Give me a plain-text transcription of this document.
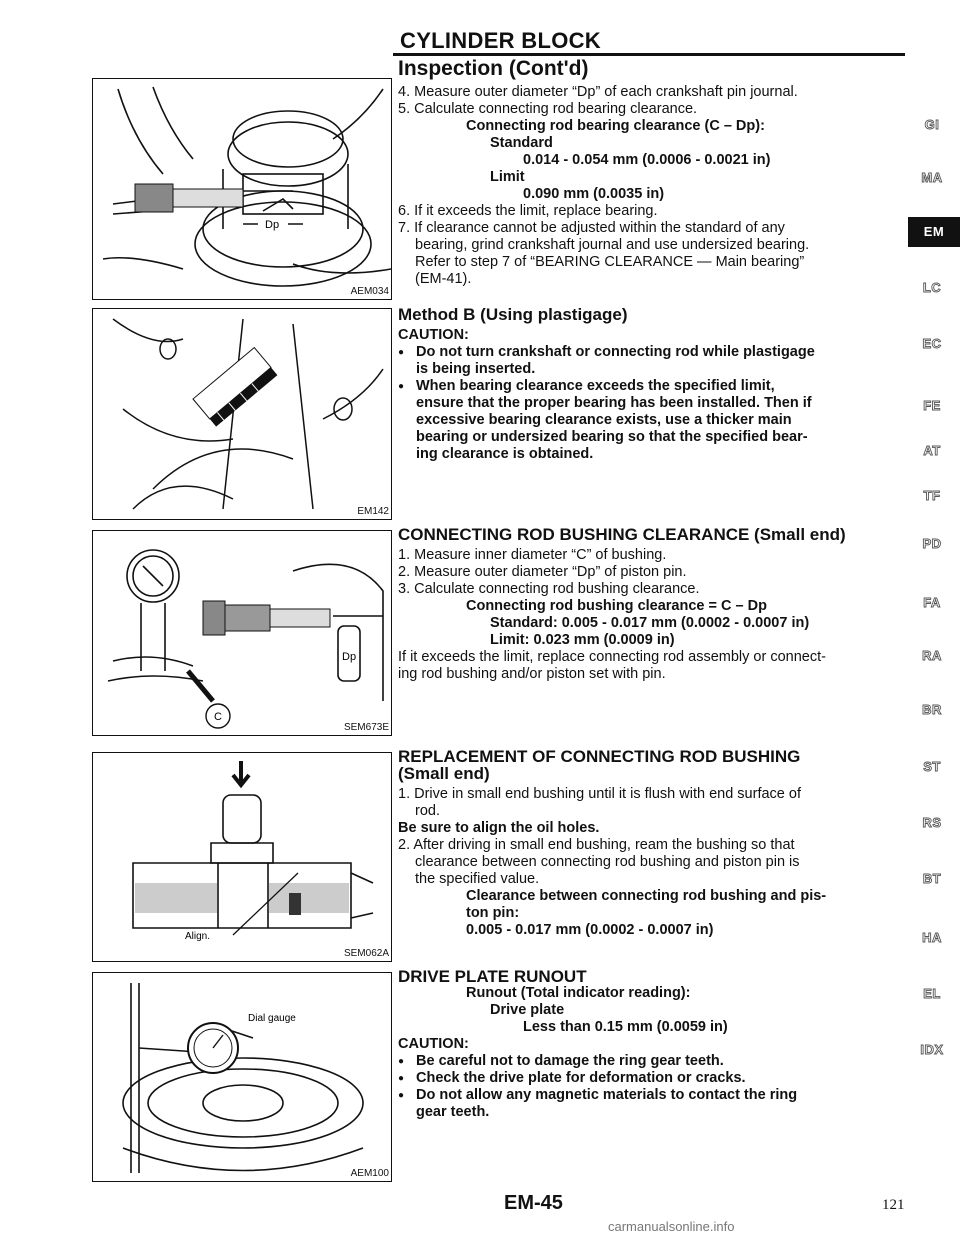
CYLINDER BLOCK
Inspection (Cont'd)
Dp
AEM034
EM142
C
Dp
SEM673E
Align.
SEM062A
Dial gauge
AEM100
4. Measure outer diameter “Dp” of each crankshaft pin journal.
5. Calculate connecting rod bearing clearance.
Connecting rod bearing clearance (C – Dp):
Standard
0.014 - 0.054 mm (0.0006 - 0.0021 in)
Limit
0.090 mm (0.0035 in)
6. If it exceeds the limit, replace bearing.
7. If clearance cannot be adjusted within the standard of any
bearing, grind crankshaft journal and use undersized bearing.
Refer to step 7 of “BEARING CLEARANCE — Main bearing”
(EM-41).
Method B (Using plastigage)
CAUTION:
● Do not turn crankshaft or connecting rod while plastigage
is being inserted.
● When bearing clearance exceeds the specified limit,
ensure that the proper bearing has been installed. Then if
excessive bearing clearance exists, use a thicker main
bearing or undersized bearing so that the specified bear-
ing clearance is obtained.
CONNECTING ROD BUSHING CLEARANCE (Small end)
1. Measure inner diameter “C” of bushing.
2. Measure outer diameter “Dp” of piston pin.
3. Calculate connecting rod bushing clearance.
Connecting rod bushing clearance = C – Dp
Standard: 0.005 - 0.017 mm (0.0002 - 0.0007 in)
Limit: 0.023 mm (0.0009 in)
If it exceeds the limit, replace connecting rod assembly or connect-
ing rod bushing and/or piston set with pin.
REPLACEMENT OF CONNECTING ROD BUSHING
(Small end)
1. Drive in small end bushing until it is flush with end surface of
rod.
Be sure to align the oil holes.
2. After driving in small end bushing, ream the bushing so that
clearance between connecting rod bushing and piston pin is
the specified value.
Clearance between connecting rod bushing and pis-
ton pin:
0.005 - 0.017 mm (0.0002 - 0.0007 in)
DRIVE PLATE RUNOUT
Runout (Total indicator reading):
Drive plate
Less than 0.15 mm (0.0059 in)
CAUTION:
● Be careful not to damage the ring gear teeth.
● Check the drive plate for deformation or cracks.
● Do not allow any magnetic materials to contact the ring
gear teeth.
GI
MA
EM
LC
EC
FE
AT
TF
PD
FA
RA
BR
ST
RS
BT
HA
EL
IDX
EM-45	121
carmanualsonline.info
